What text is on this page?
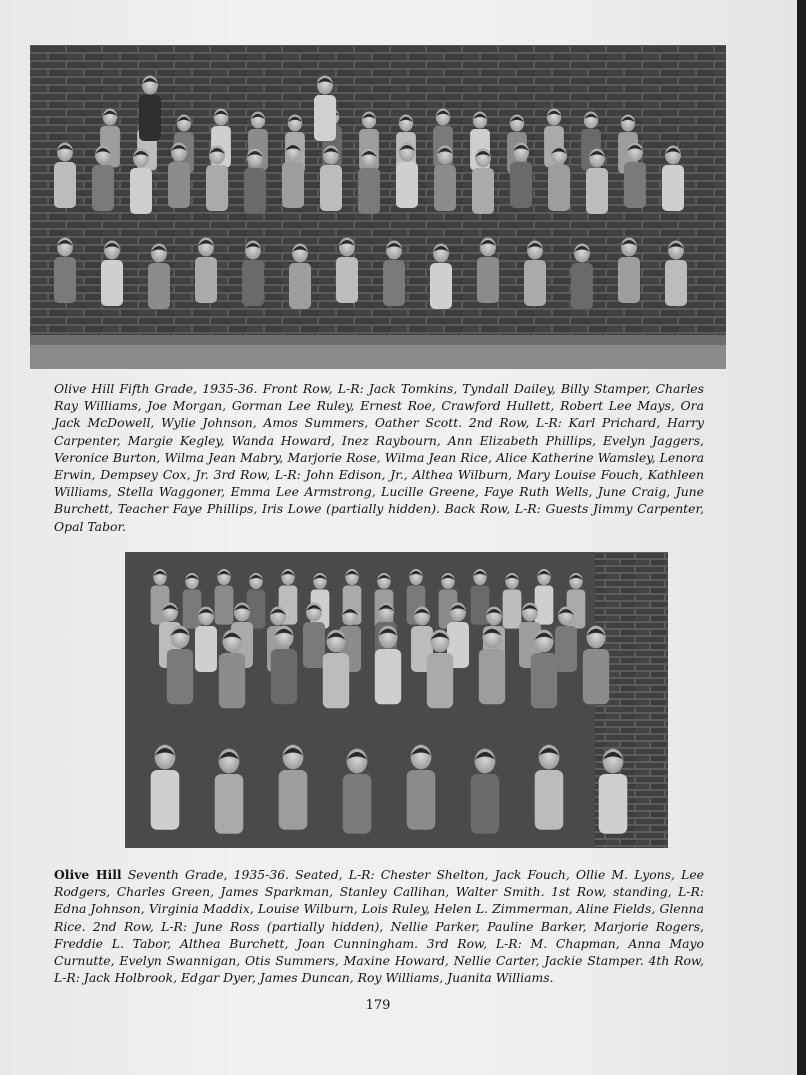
Olive Hill Fifth Grade, 1935-36. Front Row, L-R: Jack Tomkins, Tyndall Dailey, Billy Stamper, Charles Ray Williams, Joe Morgan, Gorman Lee Ruley, Ernest Roe, Crawford Hullett, Robert Lee Mays, Ora Jack McDowell, Wylie Johnson, Amos Summers, Oather Scott. 2nd Row, L-R: Karl Prichard, Harry Carpenter, Margie Kegley, Wanda Howard, Inez Raybourn, Ann Elizabeth Phillips, Evelyn Jaggers, Veronice Burton, Wilma Jean Mabry, Marjorie Rose, Wilma Jean Rice, Alice Katherine Wamsley, Lenora Erwin, Dempsey Cox, Jr. 3rd Row, L-R: John Edison, Jr., Althea Wilburn, Mary Louise Fouch, Kathleen Williams, Stella Waggoner, Emma Lee Armstrong, Lucille Greene, Faye Ruth Wells, June Craig, June Burchett, Teacher Faye Phillips, Iris Lowe (partially hidden). Back Row, L-R: Guests Jimmy Carpenter, Opal Tabor.
Olive Hill Seventh Grade, 1935-36. Seated, L-R: Chester Shelton, Jack Fouch, Ollie M. Lyons, Lee Rodgers, Charles Green, James Sparkman, Stanley Callihan, Walter Smith. 1st Row, standing, L-R: Edna Johnson, Virginia Maddix, Louise Wilburn, Lois Ruley, Helen L. Zimmerman, Aline Fields, Glenna Rice. 2nd Row, L-R: June Ross (partially hidden), Nellie Parker, Pauline Barker, Marjorie Rogers, Freddie L. Tabor, Althea Burchett, Joan Cunningham. 3rd Row, L-R: M. Chapman, Anna Mayo Curnutte, Evelyn Swannigan, Otis Summers, Maxine Howard, Nellie Carter, Jackie Stamper. 4th Row, L-R: Jack Holbrook, Edgar Dyer, James Duncan, Roy Williams, Juanita Williams.
179
